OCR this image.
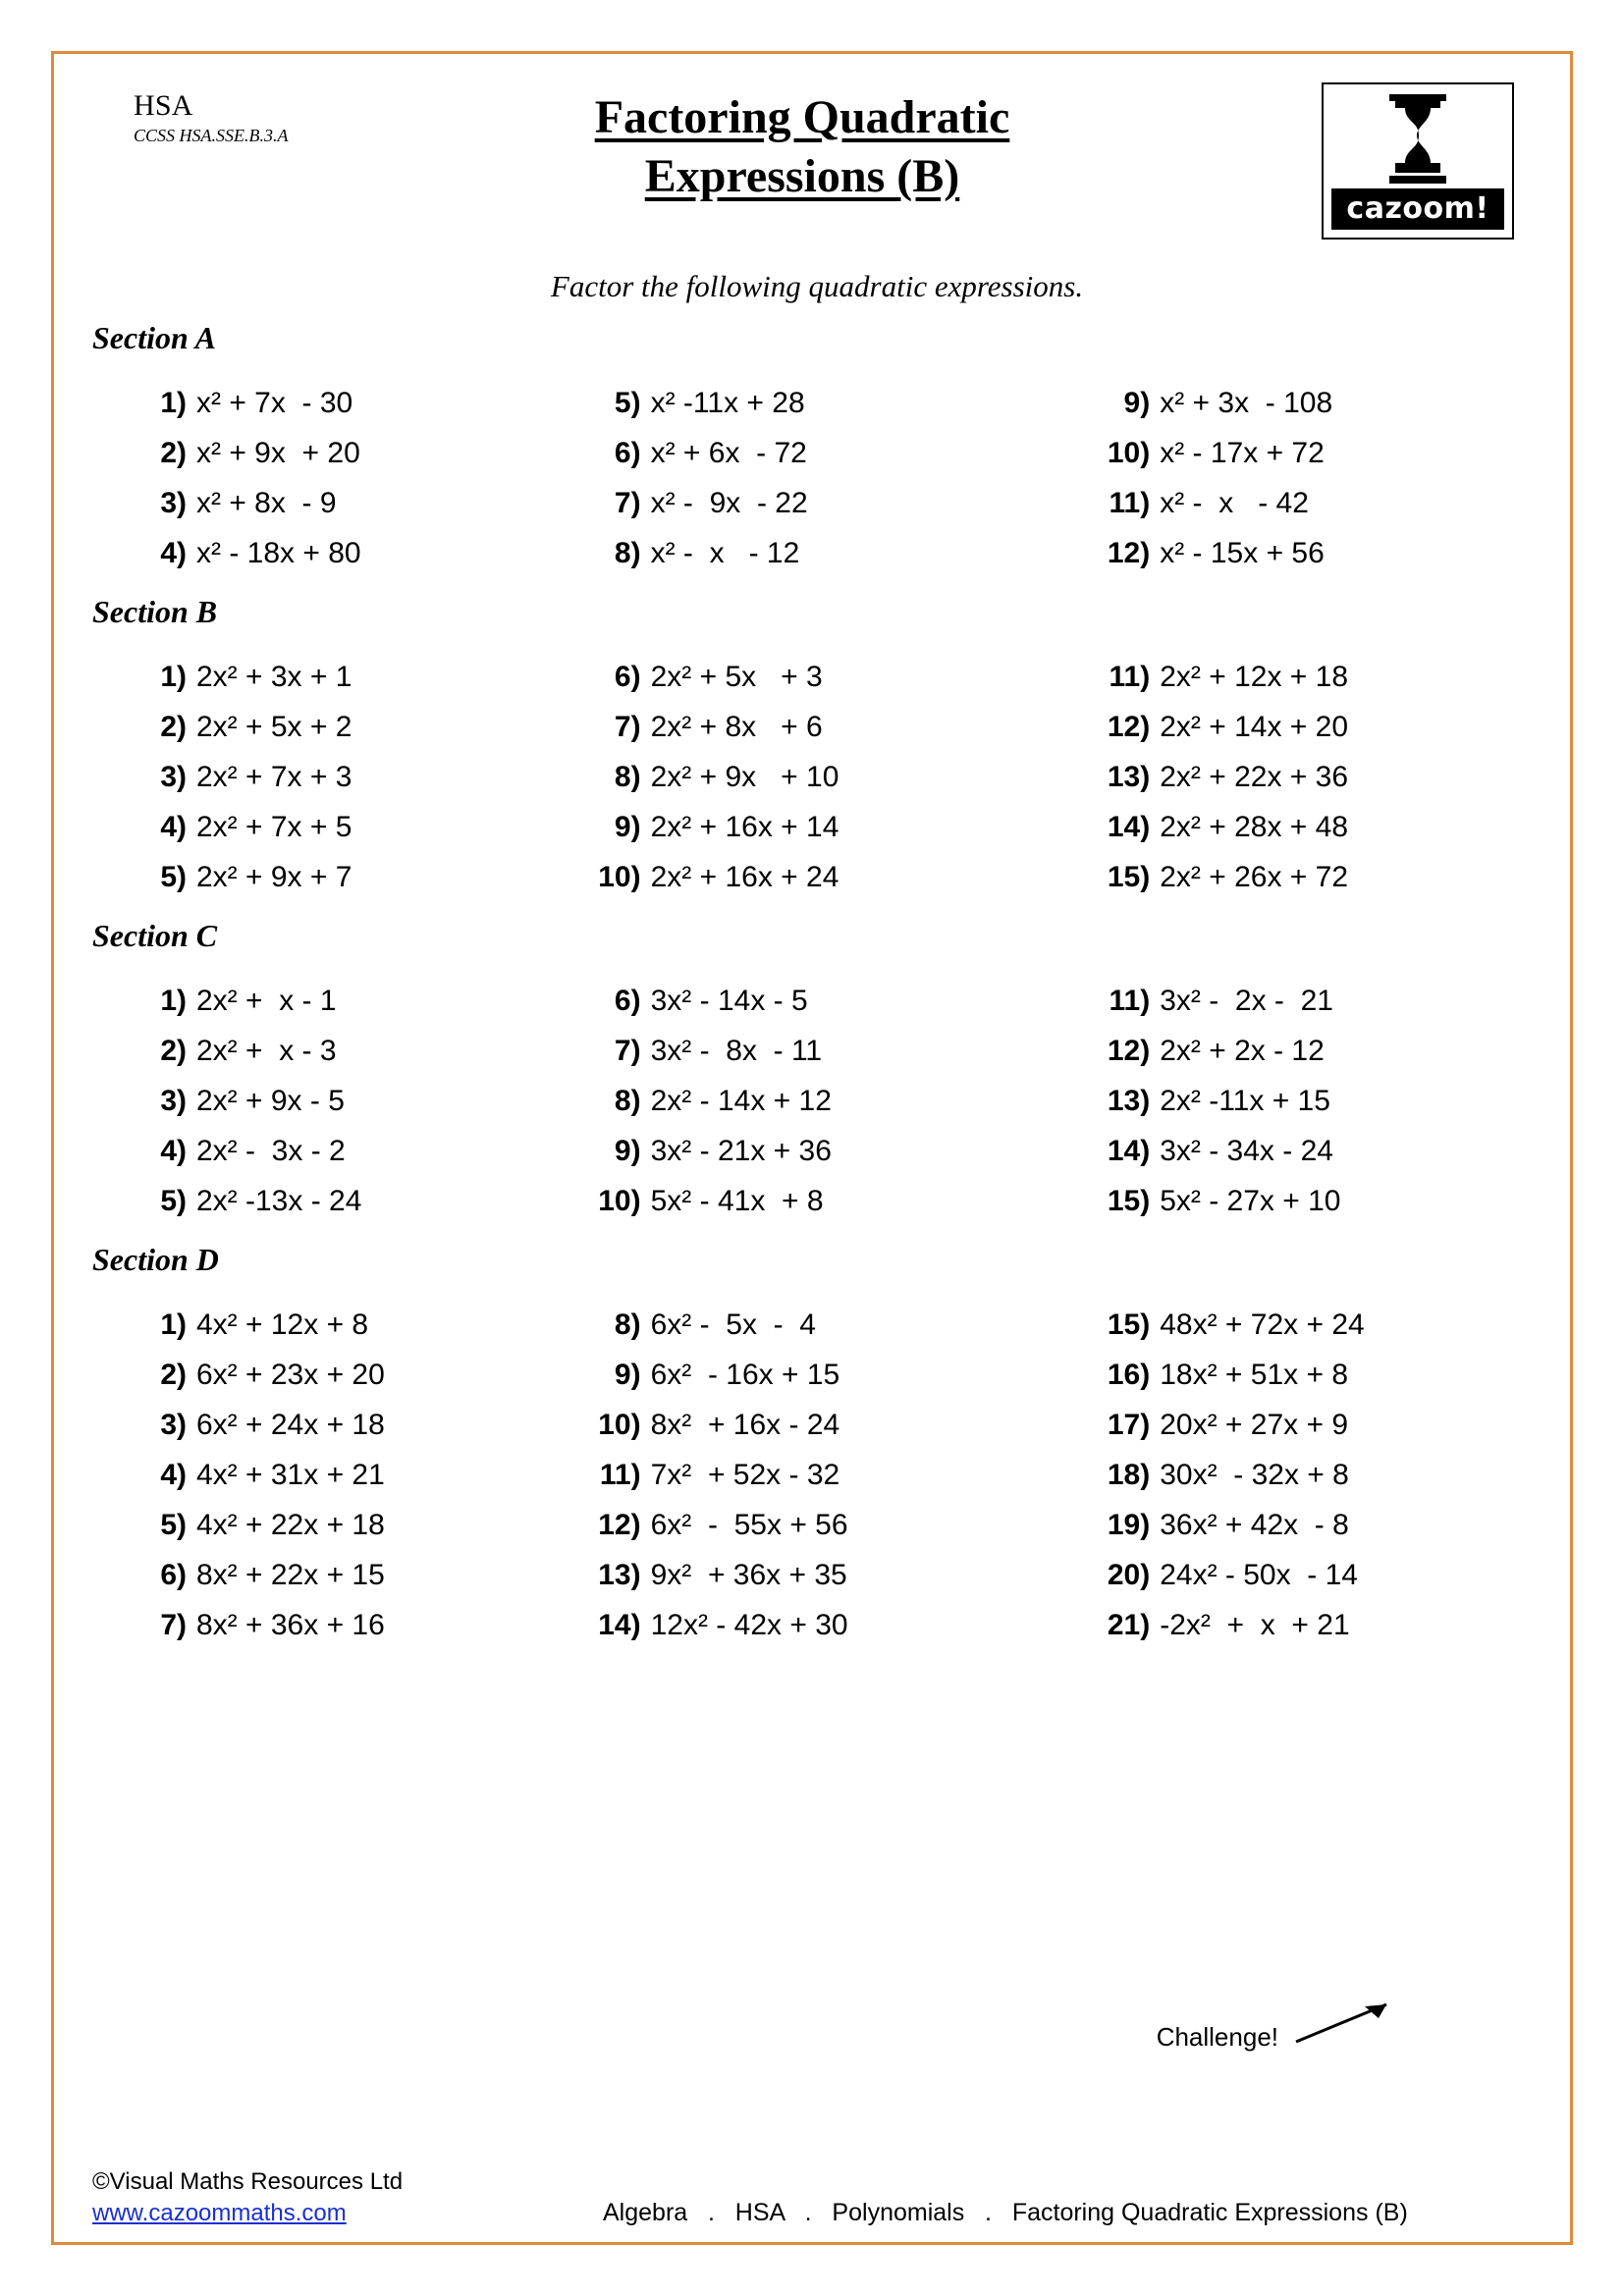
HSA
CCSS HSA.SSE.B.3.A	Factoring Quadratic
Expressions (B)
cazoom!
Factor the following quadratic expressions.
Section A
1) x² + 7x  - 30
2) x² + 9x  + 20
3) x² + 8x  - 9
4) x² - 18x + 80
5) x² -11x + 28
6) x² + 6x  - 72
7) x² -  9x  - 22
8) x² -  x   - 12
9) x² + 3x  - 108
10) x² - 17x + 72
11) x² -  x   - 42
12) x² - 15x + 56
Section B
1) 2x² + 3x + 1
2) 2x² + 5x + 2
3) 2x² + 7x + 3
4) 2x² + 7x + 5
5) 2x² + 9x + 7
6) 2x² + 5x   + 3
7) 2x² + 8x   + 6
8) 2x² + 9x   + 10
9) 2x² + 16x + 14
10) 2x² + 16x + 24
11) 2x² + 12x + 18
12) 2x² + 14x + 20
13) 2x² + 22x + 36
14) 2x² + 28x + 48
15) 2x² + 26x + 72
Section C
1) 2x² +  x - 1
2) 2x² +  x - 3
3) 2x² + 9x - 5
4) 2x² -  3x - 2
5) 2x² -13x - 24
6) 3x² - 14x - 5
7) 3x² -  8x  - 11
8) 2x² - 14x + 12
9) 3x² - 21x + 36
10) 5x² - 41x  + 8
11) 3x² -  2x -  21
12) 2x² + 2x - 12
13) 2x² -11x + 15
14) 3x² - 34x - 24
15) 5x² - 27x + 10
Section D
1) 4x² + 12x + 8
2) 6x² + 23x + 20
3) 6x² + 24x + 18
4) 4x² + 31x + 21
5) 4x² + 22x + 18
6) 8x² + 22x + 15
7) 8x² + 36x + 16
8) 6x² -  5x  -  4
9) 6x²  - 16x + 15
10) 8x²  + 16x - 24
11) 7x²  + 52x - 32
12) 6x²  -  55x + 56
13) 9x²  + 36x + 35
14) 12x² - 42x + 30
15) 48x² + 72x + 24
16) 18x² + 51x + 8
17) 20x² + 27x + 9
18) 30x²  - 32x + 8
19) 36x² + 42x  - 8
20) 24x² - 50x  - 14
21) -2x²  +  x  + 21
Challenge!
©Visual Maths Resources Ltd
www.cazoommaths.com	Algebra   .   HSA   .   Polynomials   .   Factoring Quadratic Expressions (B)
